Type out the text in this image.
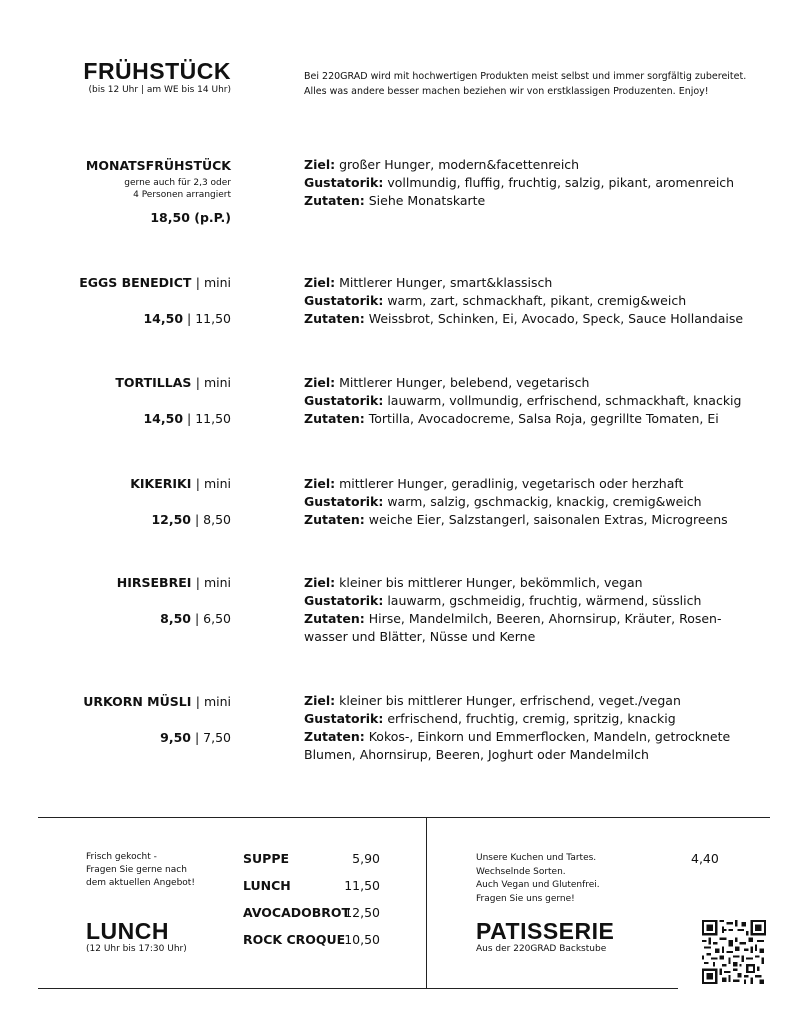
FRÜHSTÜCK
(bis 12 Uhr | am WE bis 14 Uhr)
Bei 220GRAD wird mit hochwertigen Produkten meist selbst und immer sorgfältig zubereitet.
Alles was andere besser machen beziehen wir von erstklassigen Produzenten. Enjoy!
MONATSFRÜHSTÜCK
gerne auch für 2,3 oder
4 Personen arrangiert
18,50 (p.P.)
Ziel: großer Hunger, modern&facettenreich
Gustatorik: vollmundig, fluffig, fruchtig, salzig, pikant, aromenreich
Zutaten: Siehe Monatskarte
EGGS BENEDICT | mini
14,50 | 11,50
Ziel: Mittlerer Hunger, smart&klassisch
Gustatorik: warm, zart, schmackhaft, pikant, cremig&weich
Zutaten: Weissbrot, Schinken, Ei, Avocado, Speck, Sauce Hollandaise
TORTILLAS | mini
14,50 | 11,50
Ziel: Mittlerer Hunger, belebend, vegetarisch
Gustatorik: lauwarm, vollmundig, erfrischend, schmackhaft, knackig
Zutaten: Tortilla, Avocadocreme, Salsa Roja, gegrillte Tomaten, Ei
KIKERIKI | mini
12,50 | 8,50
Ziel: mittlerer Hunger, geradlinig, vegetarisch oder herzhaft
Gustatorik: warm, salzig, gschmackig, knackig, cremig&weich
Zutaten: weiche Eier, Salzstangerl, saisonalen Extras, Microgreens
HIRSEBREI | mini
8,50 | 6,50
Ziel: kleiner bis mittlerer Hunger, bekömmlich, vegan
Gustatorik: lauwarm, gschmeidig, fruchtig, wärmend, süsslich
Zutaten: Hirse, Mandelmilch, Beeren, Ahornsirup, Kräuter, Rosen-
wasser und Blätter, Nüsse und Kerne
URKORN MÜSLI | mini
9,50 | 7,50
Ziel: kleiner bis mittlerer Hunger, erfrischend, veget./vegan
Gustatorik: erfrischend, fruchtig, cremig, spritzig, knackig
Zutaten: Kokos-, Einkorn und Emmerflocken, Mandeln, getrocknete
Blumen, Ahornsirup, Beeren, Joghurt oder Mandelmilch
Frisch gekocht -
Fragen Sie gerne nach
dem aktuellen Angebot!
LUNCH
(12 Uhr bis 17:30 Uhr)
SUPPE	5,90
LUNCH	11,50
AVOCADOBROT
12,50
ROCK CROQUE
10,50
Unsere Kuchen und Tartes.
Wechselnde Sorten.
Auch Vegan und Glutenfrei.
Fragen Sie uns gerne!
4,40
PATISSERIE
Aus der 220GRAD Backstube
